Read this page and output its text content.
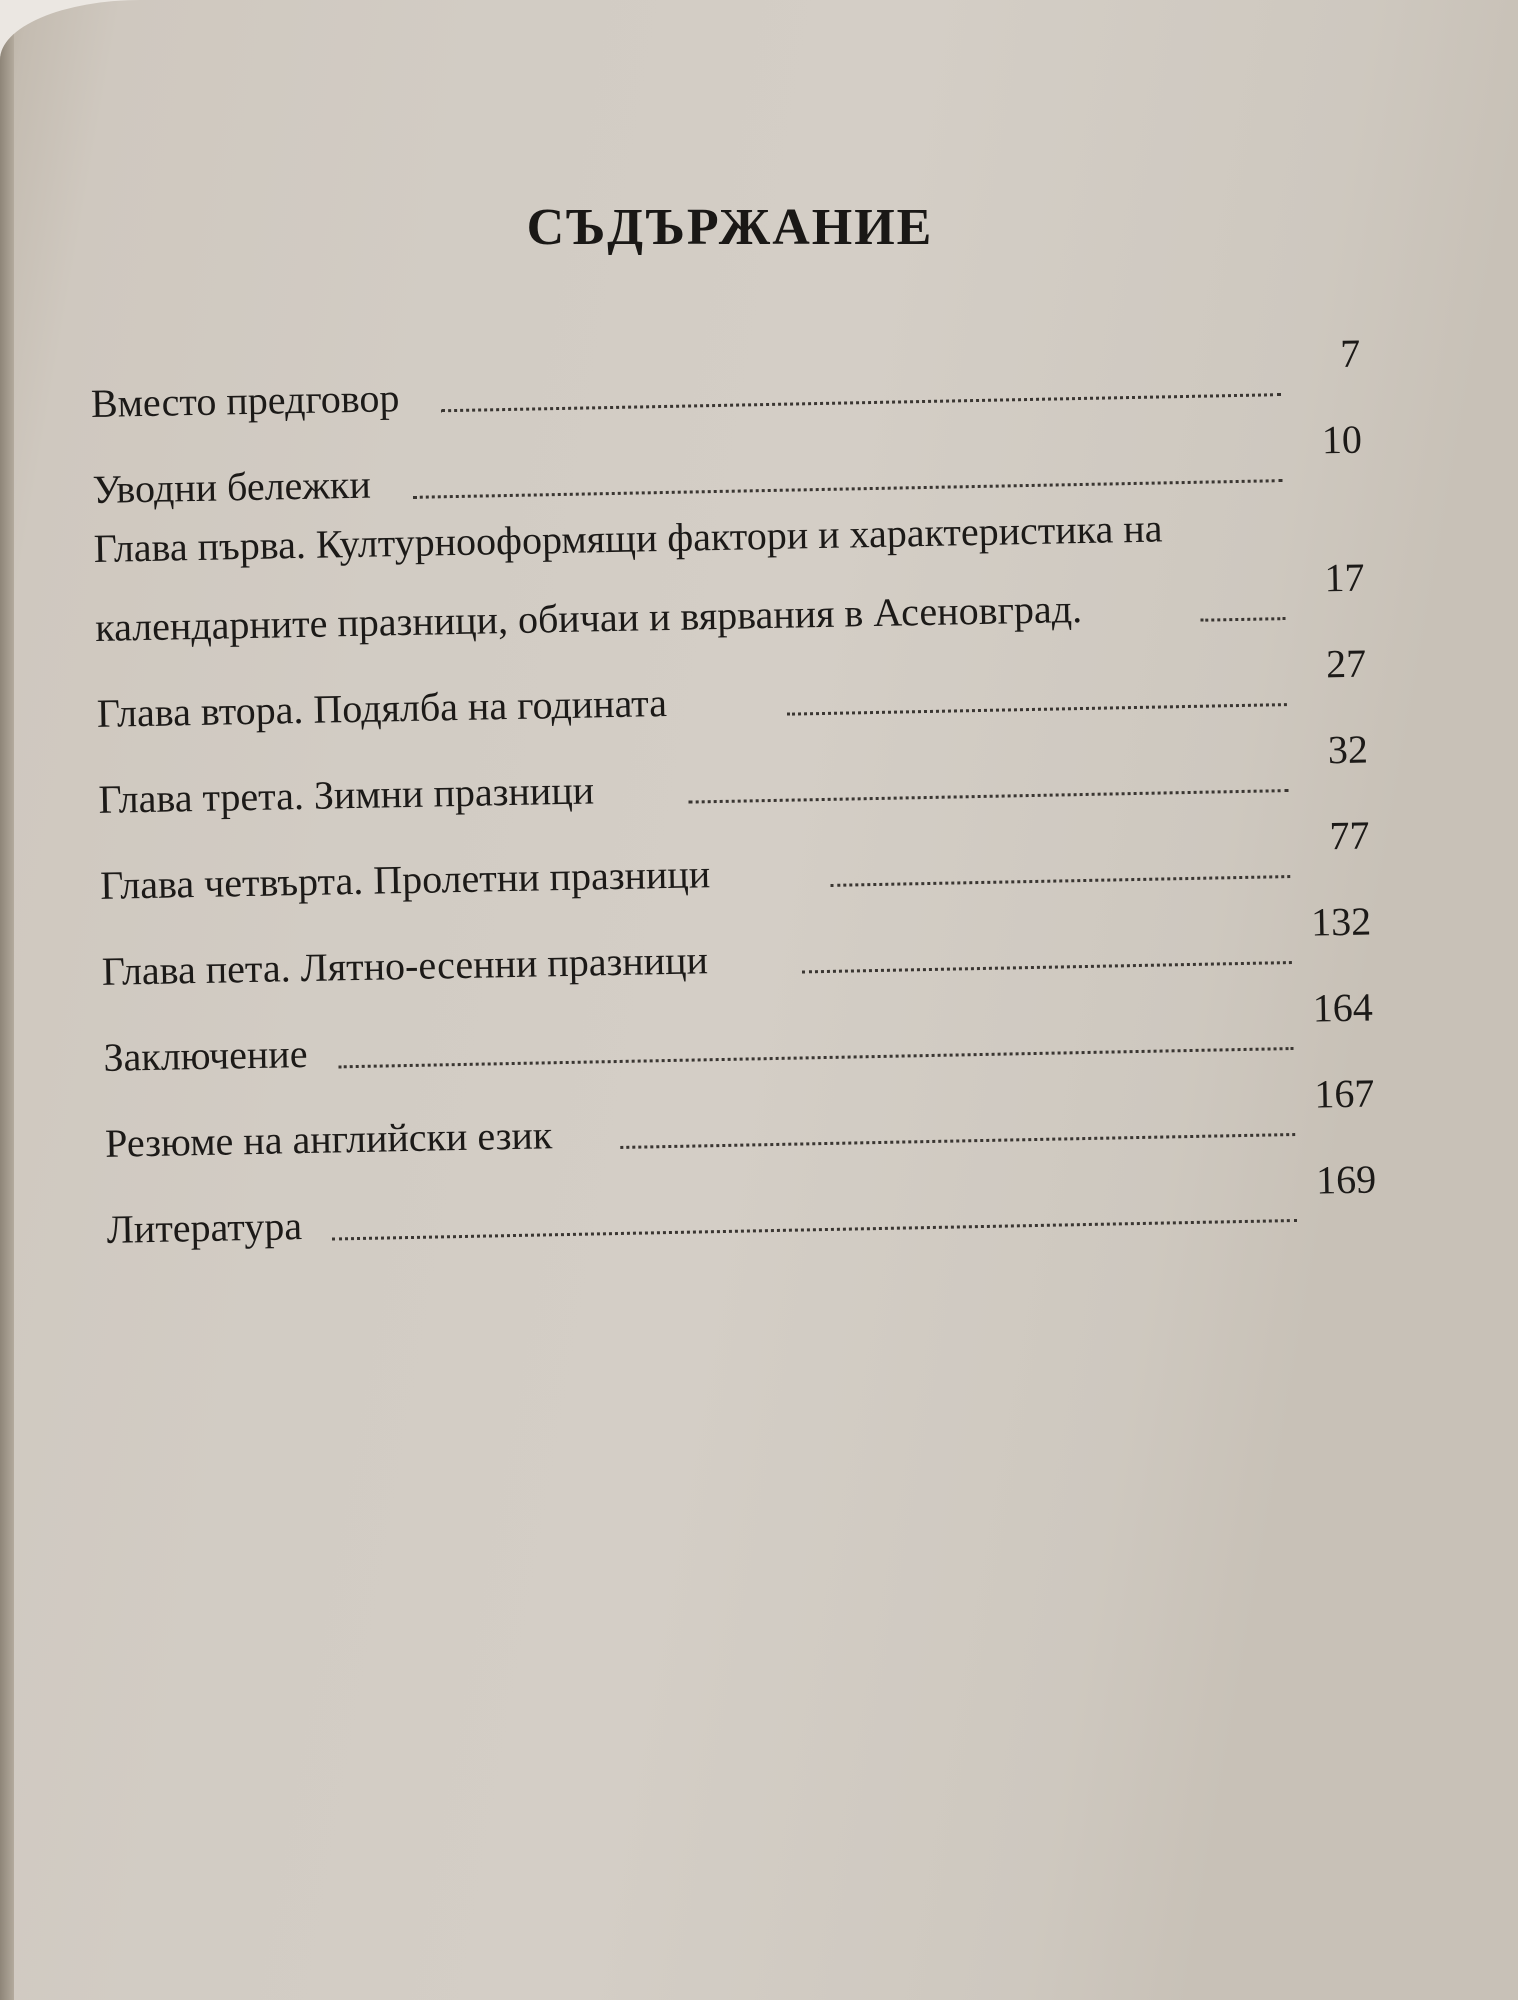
СЪДЪРЖАНИЕ
Вместо предговор
7
Уводни бележки
10
Глава първа. Културнооформящи фактори и характеристика на
календарните празници, обичаи и вярвания в Асеновград.
17
Глава втора. Подялба на годината
27
Глава трета. Зимни празници
32
Глава четвърта. Пролетни празници
77
Глава пета. Лятно-есенни празници
132
Заключение
164
Резюме на английски език
167
Литература
169
